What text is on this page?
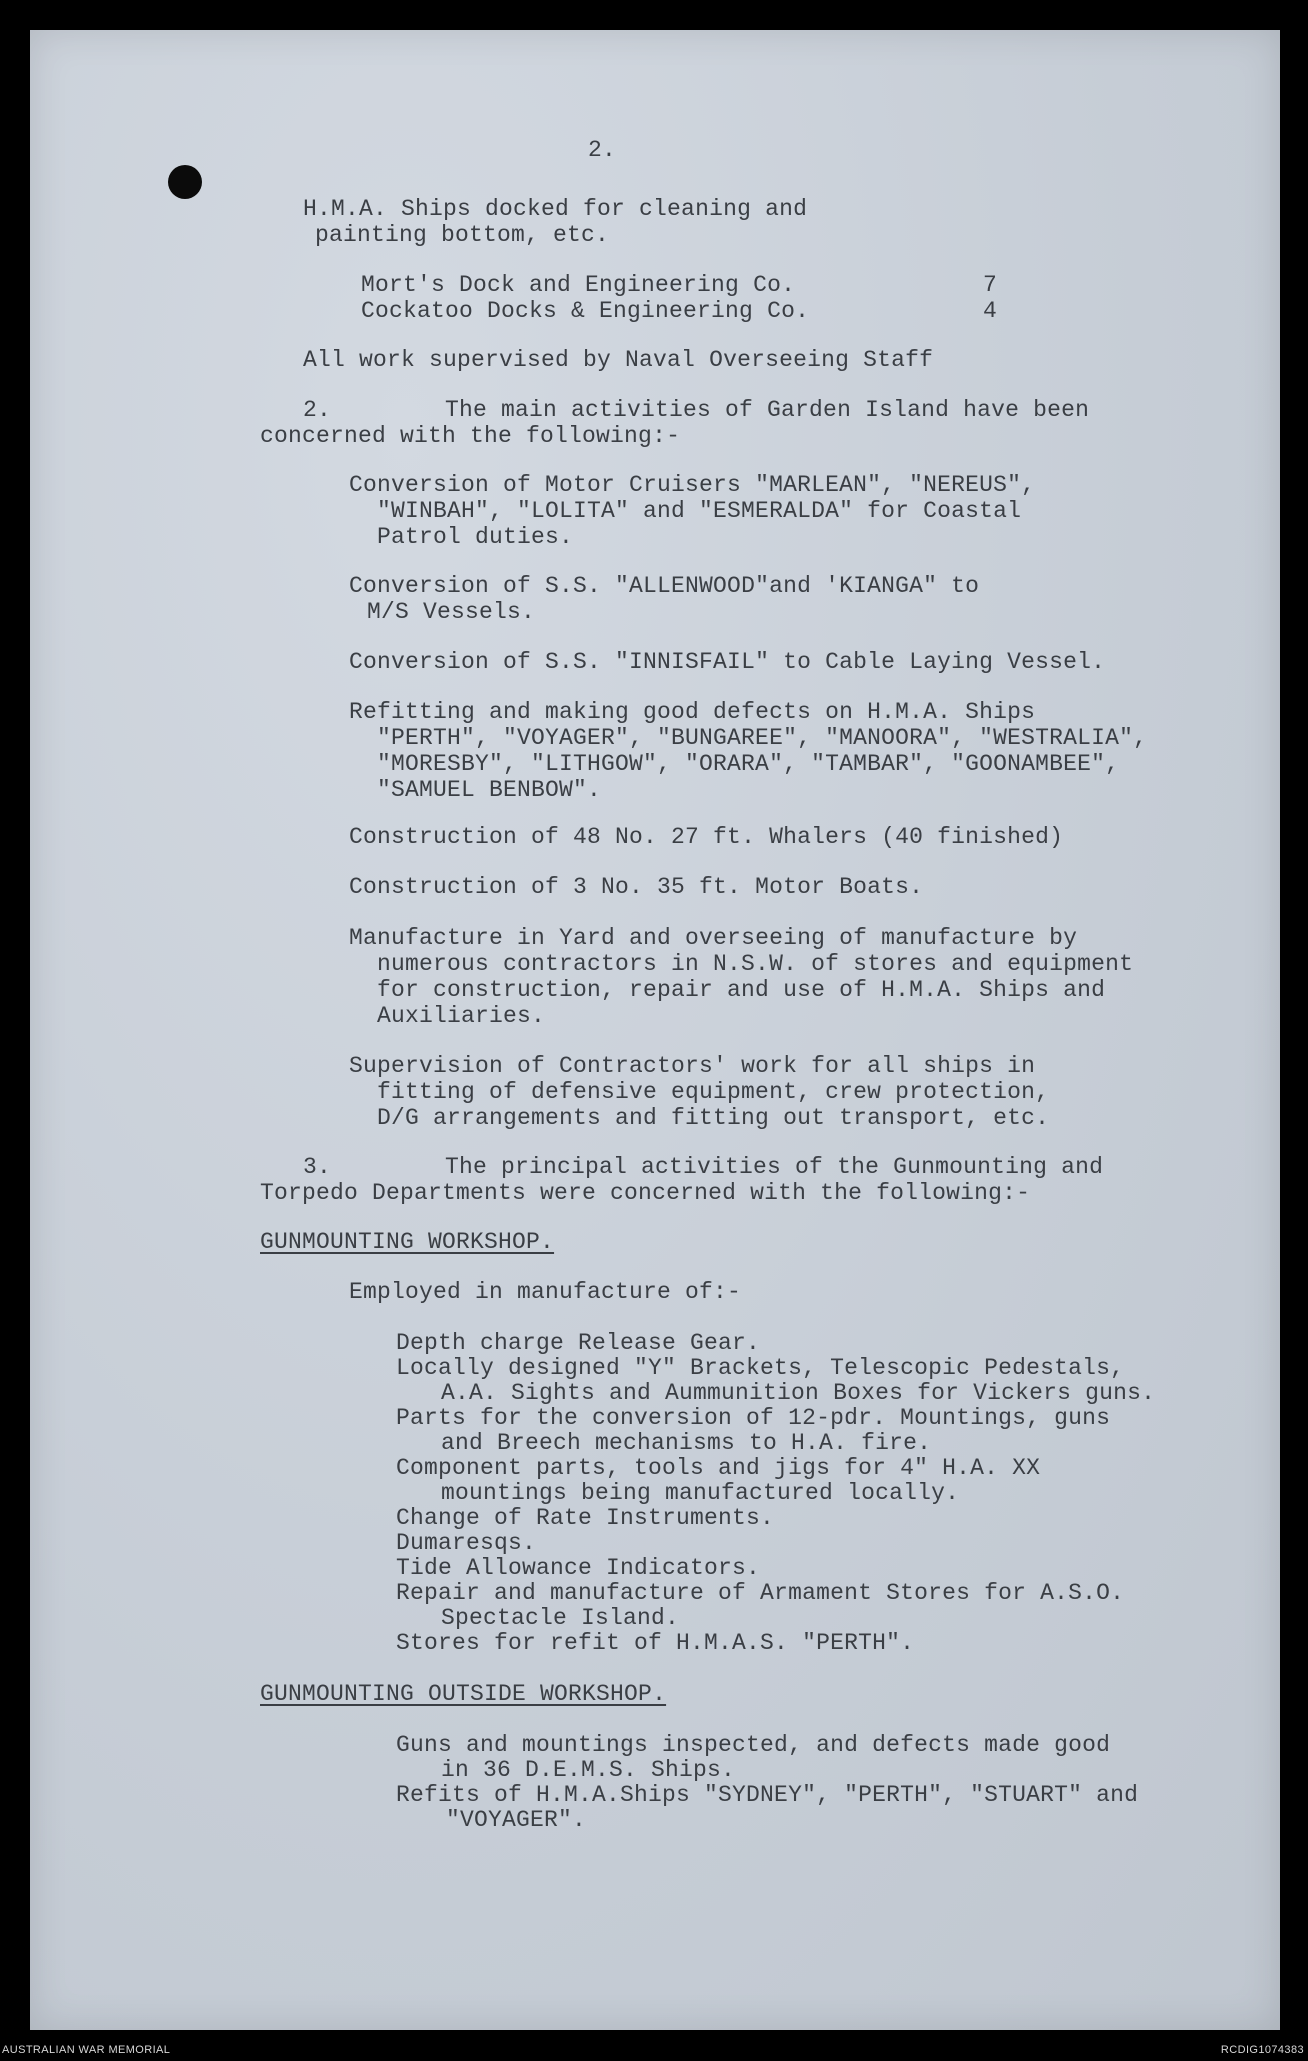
2.
H.M.A. Ships docked for cleaning and
painting bottom, etc.
Mort's Dock and Engineering Co.	7
Cockatoo Docks & Engineering Co.	4
All work supervised by Naval Overseeing Staff
2.	The main activities of Garden Island have been
concerned with the following:-
Conversion of Motor Cruisers "MARLEAN", "NEREUS",
"WINBAH", "LOLITA" and "ESMERALDA" for Coastal
Patrol duties.
Conversion of S.S. "ALLENWOOD"and 'KIANGA" to
M/S Vessels.
Conversion of S.S. "INNISFAIL" to Cable Laying Vessel.
Refitting and making good defects on H.M.A. Ships
"PERTH", "VOYAGER", "BUNGAREE", "MANOORA", "WESTRALIA",
"MORESBY", "LITHGOW", "ORARA", "TAMBAR", "GOONAMBEE",
"SAMUEL BENBOW".
Construction of 48 No. 27 ft. Whalers (40 finished)
Construction of 3 No. 35 ft. Motor Boats.
Manufacture in Yard and overseeing of manufacture by
numerous contractors in N.S.W. of stores and equipment
for construction, repair and use of H.M.A. Ships and
Auxiliaries.
Supervision of Contractors' work for all ships in
fitting of defensive equipment, crew protection,
D/G arrangements and fitting out transport, etc.
3.	The principal activities of the Gunmounting and
Torpedo Departments were concerned with the following:-
GUNMOUNTING WORKSHOP.
Employed in manufacture of:-
Depth charge Release Gear.
Locally designed "Y" Brackets, Telescopic Pedestals,
A.A. Sights and Aummunition Boxes for Vickers guns.
Parts for the conversion of 12-pdr. Mountings, guns
and Breech mechanisms to H.A. fire.
Component parts, tools and jigs for 4" H.A. XX
mountings being manufactured locally.
Change of Rate Instruments.
Dumaresqs.
Tide Allowance Indicators.
Repair and manufacture of Armament Stores for A.S.O.
Spectacle Island.
Stores for refit of H.M.A.S. "PERTH".
GUNMOUNTING OUTSIDE WORKSHOP.
Guns and mountings inspected, and defects made good
in 36 D.E.M.S. Ships.
Refits of H.M.A.Ships "SYDNEY", "PERTH", "STUART" and
"VOYAGER".
AUSTRALIAN WAR MEMORIAL	RCDIG1074383
